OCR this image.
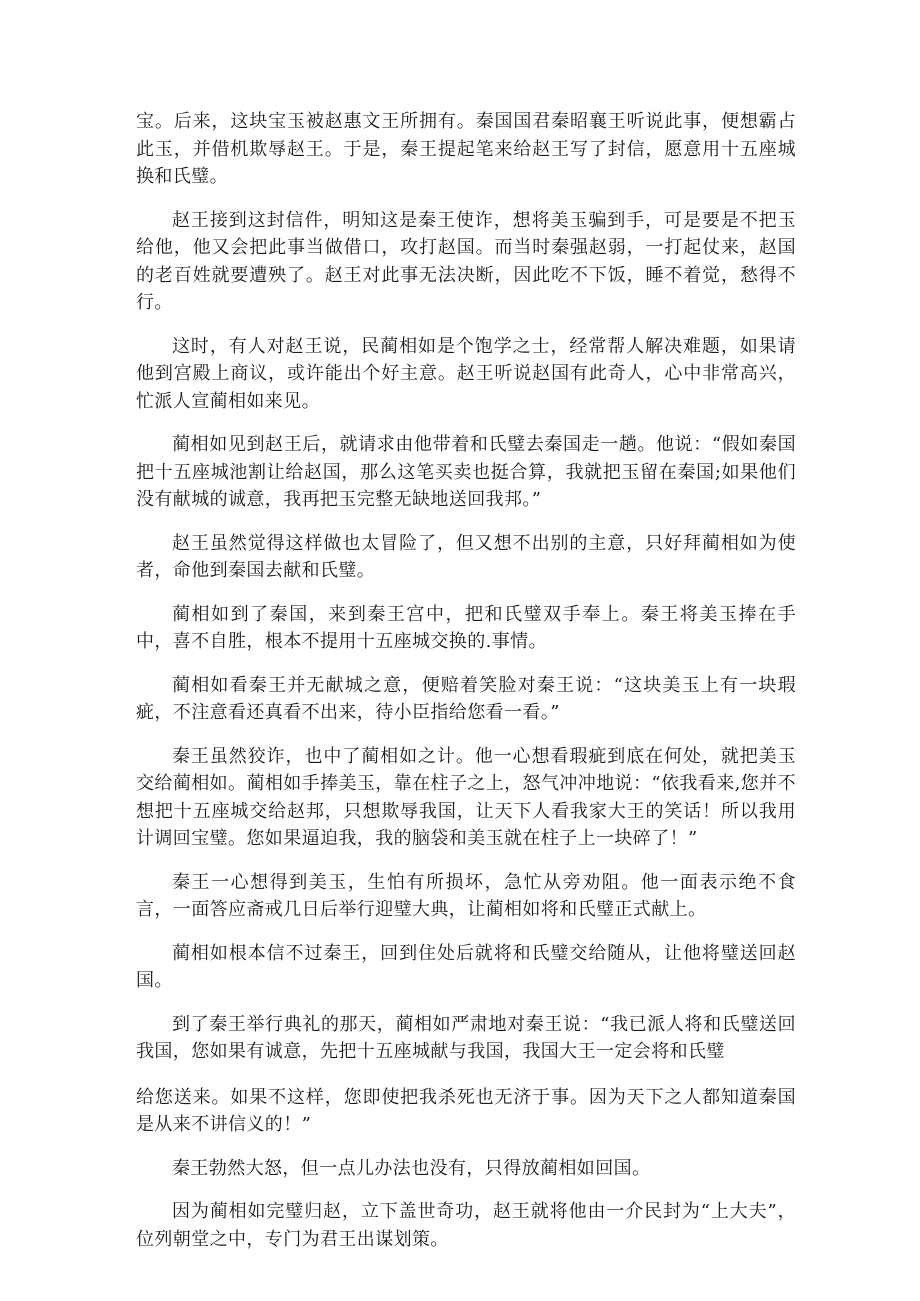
宝。后来，这块宝玉被赵惠文王所拥有。秦国国君秦昭襄王听说此事，便想霸占此玉，并借机欺辱赵王。于是，秦王提起笔来给赵王写了封信，愿意用十五座城换和氏璧。

赵王接到这封信件，明知这是秦王使诈，想将美玉骗到手，可是要是不把玉给他，他又会把此事当做借口，攻打赵国。而当时秦强赵弱，一打起仗来，赵国的老百姓就要遭殃了。赵王对此事无法决断，因此吃不下饭，睡不着觉，愁得不行。

这时，有人对赵王说，民蔺相如是个饱学之士，经常帮人解决难题，如果请他到宫殿上商议，或许能出个好主意。赵王听说赵国有此奇人，心中非常高兴，忙派人宣蔺相如来见。

蔺相如见到赵王后，就请求由他带着和氏璧去秦国走一趟。他说：“假如秦国把十五座城池割让给赵国，那么这笔买卖也挺合算，我就把玉留在秦国;如果他们没有献城的诚意，我再把玉完整无缺地送回我邦。”

赵王虽然觉得这样做也太冒险了，但又想不出别的主意，只好拜蔺相如为使者，命他到秦国去献和氏璧。

蔺相如到了秦国，来到秦王宫中，把和氏璧双手奉上。秦王将美玉捧在手中，喜不自胜，根本不提用十五座城交换的.事情。

蔺相如看秦王并无献城之意，便赔着笑脸对秦王说：“这块美玉上有一块瑕疵，不注意看还真看不出来，待小臣指给您看一看。”

秦王虽然狡诈，也中了蔺相如之计。他一心想看瑕疵到底在何处，就把美玉交给蔺相如。蔺相如手捧美玉，靠在柱子之上，怒气冲冲地说：“依我看来,您并不想把十五座城交给赵邦，只想欺辱我国，让天下人看我家大王的笑话！所以我用计调回宝璧。您如果逼迫我，我的脑袋和美玉就在柱子上一块碎了！”

秦王一心想得到美玉，生怕有所损坏，急忙从旁劝阻。他一面表示绝不食言，一面答应斋戒几日后举行迎璧大典，让蔺相如将和氏璧正式献上。

蔺相如根本信不过秦王，回到住处后就将和氏璧交给随从，让他将璧送回赵国。

到了秦王举行典礼的那天，蔺相如严肃地对秦王说：“我已派人将和氏璧送回我国，您如果有诚意，先把十五座城献与我国，我国大王一定会将和氏璧

给您送来。如果不这样，您即使把我杀死也无济于事。因为天下之人都知道秦国是从来不讲信义的！”

秦王勃然大怒，但一点儿办法也没有，只得放蔺相如回国。

因为蔺相如完璧归赵，立下盖世奇功，赵王就将他由一介民封为“上大夫”，位列朝堂之中，专门为君王出谋划策。
